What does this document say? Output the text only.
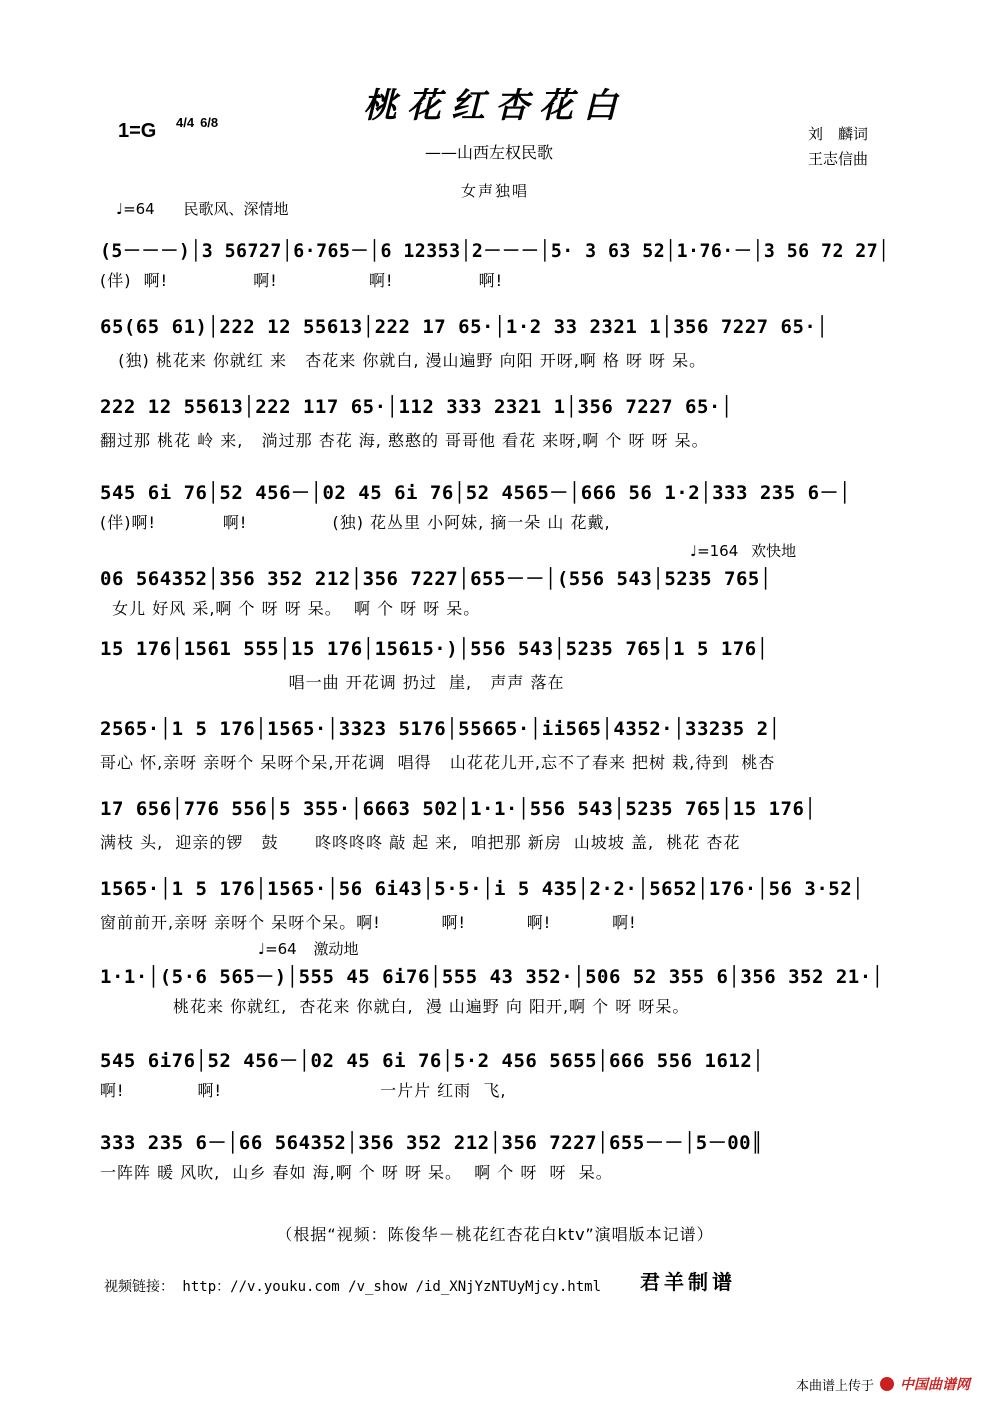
桃花红杏花白
1=G 4/4 6/8
——山西左权民歌
刘　麟词
王志信曲
女声独唱
♩=64 民歌风、深情地
(5－－－)│3 56727│6·765－│6 12353│2－－－│5· 3 63 52│1·76·－│3 56 72 27│
(伴)  啊!              啊!               啊!              啊!
65(65 61)│222 12 55613│222 17 65·│1·2 33 2321 1│356 7227 65·│
(独) 桃花来 你就红 来   杏花来 你就白, 漫山遍野 向阳 开呀,啊 格 呀 呀 呆。
222 12 55613│222 117 65·│112 333 2321 1│356 7227 65·│
翻过那 桃花 岭 来,   淌过那 杏花 海, 憨憨的 哥哥他 看花 来呀,啊 个 呀 呀 呆。
545 6i 76│52 456－│02 45 6i 76│52 4565－│666 56 1·2│333 235 6－│
(伴)啊!           啊!              (独) 花丛里 小阿妹, 摘一朵 山 花戴,
♩=164 欢快地
06 564352│356 352 212│356 7227│655－－│(556 543│5235 765│
女儿 好风 采,啊 个 呀 呀 呆。  啊 个 呀 呀 呆。
15 176│1561 555│15 176│15615·)│556 543│5235 765│1 5 176│
唱一曲 开花调 扔过  崖,   声声 落在
2565·│1 5 176│1565·│3323 5176│55665·│ii565│4352·│33235 2│
哥心 怀,亲呀 亲呀个 呆呀个呆,开花调  唱得   山花花儿开,忘不了春来 把树 栽,待到  桃杏
17 656│776 556│5 355·│6663 502│1·1·│556 543│5235 765│15 176│
满枝 头,  迎亲的锣   鼓      咚咚咚咚 敲 起 来,  咱把那 新房  山坡坡 盖,  桃花 杏花
1565·│1 5 176│1565·│56 6i43│5·5·│i 5 435│2·2·│5652│176·│56 3·52│
窗前前开,亲呀 亲呀个 呆呀个呆。啊!          啊!          啊!          啊!
♩=64 激动地
1·1·│(5·6 565－)│555 45 6i76│555 43 352·│506 52 355 6│356 352 21·│
桃花来 你就红,  杏花来 你就白,  漫 山遍野 向 阳开,啊 个 呀 呀呆。
545 6i76│52 456－│02 45 6i 76│5·2 456 5655│666 556 1612│
啊!            啊!                          一片片 红雨  飞,
333 235 6－│66 564352│356 352 212│356 7227│655－－│5－00║
一阵阵 暖 风吹,  山乡 春如 海,啊 个 呀 呀 呆。  啊 个 呀  呀  呆。
（根据“视频：陈俊华－桃花红杏花白ktv”演唱版本记谱）
视频链接： http：//v.youku.com /v_show /id_XNjYzNTUyMjcy.html 君羊制谱
本曲谱上传于 中国曲谱网
